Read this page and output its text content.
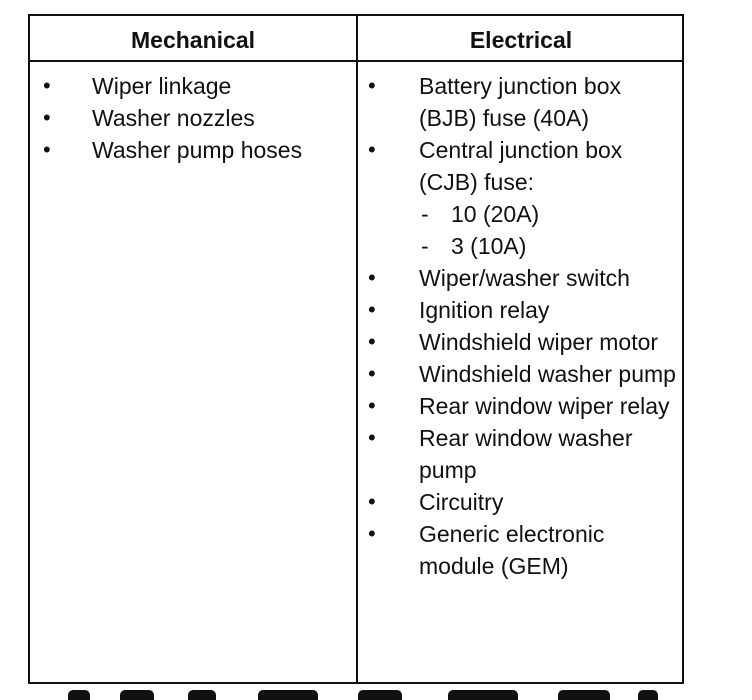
Mechanical	Electrical
• Wiper linkage
• Washer nozzles
• Washer pump hoses
• Battery junction box (BJB) fuse (40A)
• Central junction box (CJB) fuse:
- 10 (20A)
- 3 (10A)
• Wiper/washer switch
• Ignition relay
• Windshield wiper motor
• Windshield washer pump
• Rear window wiper relay
• Rear window washer pump
• Circuitry
• Generic electronic module (GEM)
